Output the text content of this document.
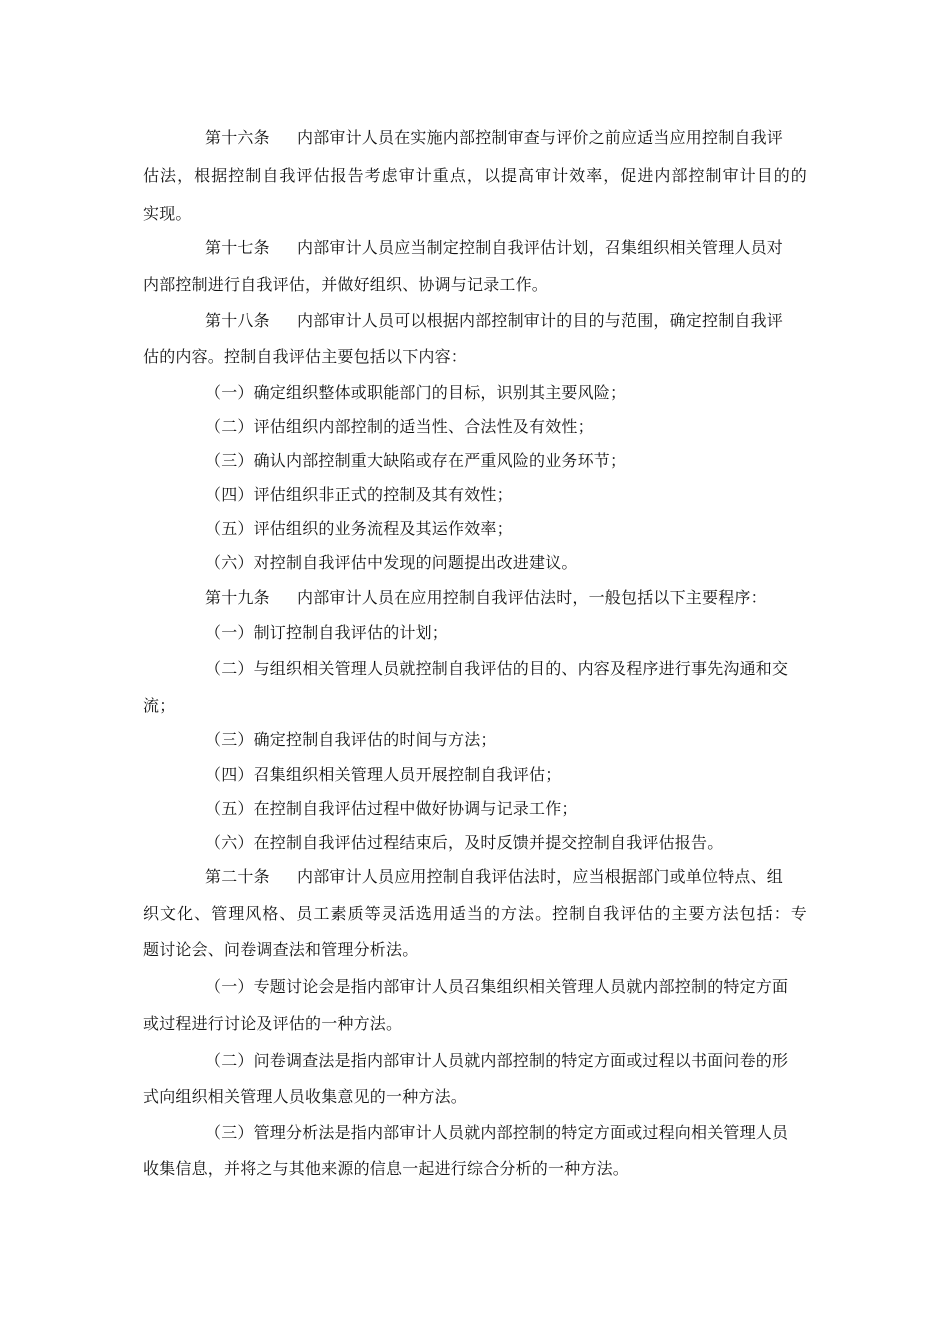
第十六条 内部审计人员在实施内部控制审查与评价之前应适当应用控制自我评
估法，根据控制自我评估报告考虑审计重点，以提高审计效率，促进内部控制审计目的的
实现。
第十七条 内部审计人员应当制定控制自我评估计划，召集组织相关管理人员对
内部控制进行自我评估，并做好组织、协调与记录工作。
第十八条 内部审计人员可以根据内部控制审计的目的与范围，确定控制自我评
估的内容。控制自我评估主要包括以下内容：
（一）确定组织整体或职能部门的目标，识别其主要风险；
（二）评估组织内部控制的适当性、合法性及有效性；
（三）确认内部控制重大缺陷或存在严重风险的业务环节；
（四）评估组织非正式的控制及其有效性；
（五）评估组织的业务流程及其运作效率；
（六）对控制自我评估中发现的问题提出改进建议。
第十九条 内部审计人员在应用控制自我评估法时，一般包括以下主要程序：
（一）制订控制自我评估的计划；
（二）与组织相关管理人员就控制自我评估的目的、内容及程序进行事先沟通和交
流；
（三）确定控制自我评估的时间与方法；
（四）召集组织相关管理人员开展控制自我评估；
（五）在控制自我评估过程中做好协调与记录工作；
（六）在控制自我评估过程结束后，及时反馈并提交控制自我评估报告。
第二十条 内部审计人员应用控制自我评估法时，应当根据部门或单位特点、组
织文化、管理风格、员工素质等灵活选用适当的方法。控制自我评估的主要方法包括：专
题讨论会、问卷调查法和管理分析法。
（一）专题讨论会是指内部审计人员召集组织相关管理人员就内部控制的特定方面
或过程进行讨论及评估的一种方法。
（二）问卷调查法是指内部审计人员就内部控制的特定方面或过程以书面问卷的形
式向组织相关管理人员收集意见的一种方法。
（三）管理分析法是指内部审计人员就内部控制的特定方面或过程向相关管理人员
收集信息，并将之与其他来源的信息一起进行综合分析的一种方法。
